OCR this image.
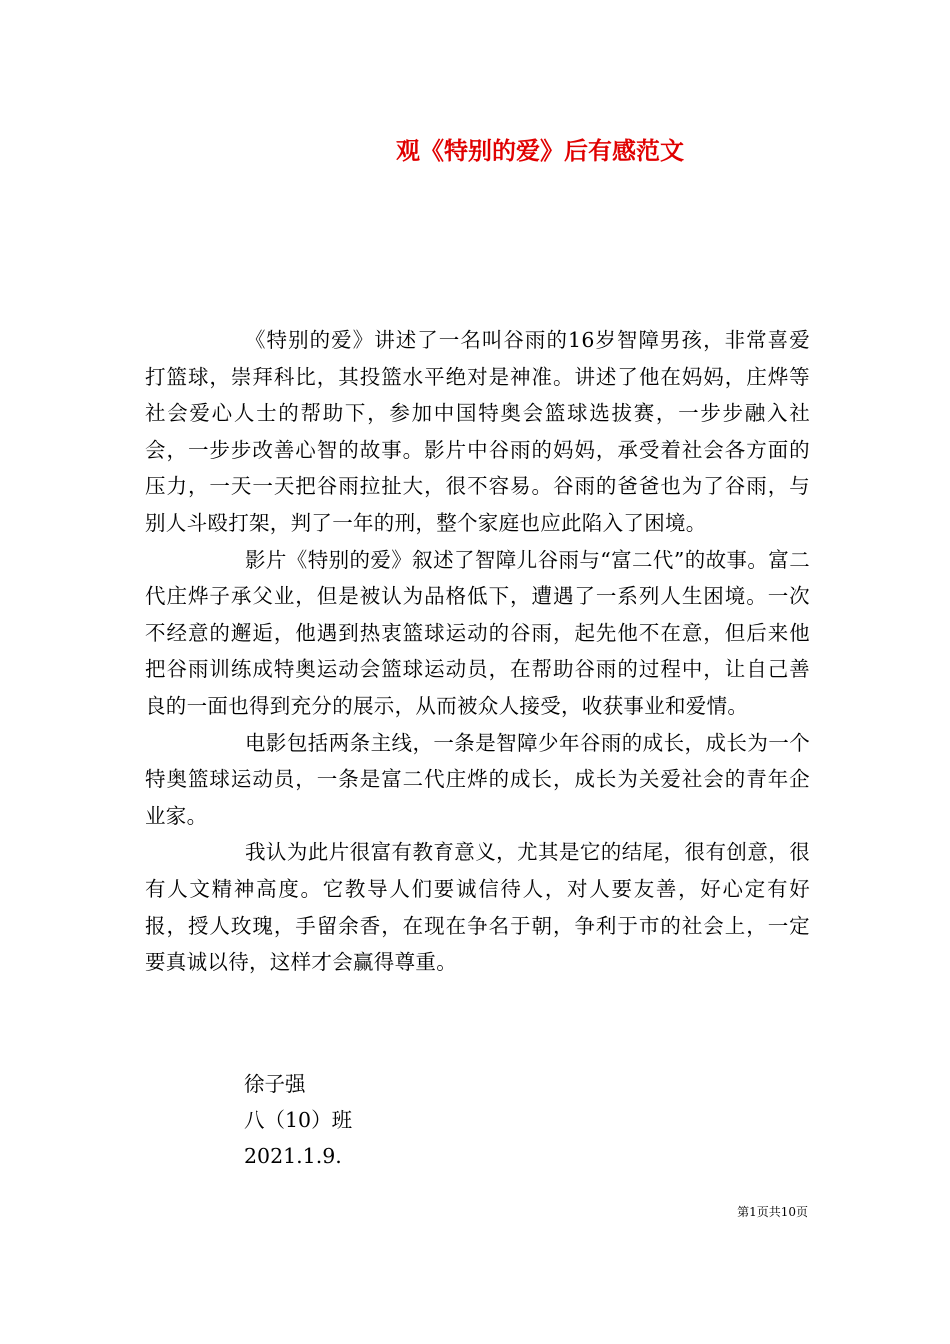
观《特别的爱》后有感范文

《特别的爱》讲述了一名叫谷雨的16岁智障男孩，非常喜爱打篮球，崇拜科比，其投篮水平绝对是神准。讲述了他在妈妈，庄烨等社会爱心人士的帮助下，参加中国特奥会篮球选拔赛，一步步融入社会，一步步改善心智的故事。影片中谷雨的妈妈，承受着社会各方面的压力，一天一天把谷雨拉扯大，很不容易。谷雨的爸爸也为了谷雨，与别人斗殴打架，判了一年的刑，整个家庭也应此陷入了困境。

影片《特别的爱》叙述了智障儿谷雨与“富二代”的故事。富二代庄烨子承父业，但是被认为品格低下，遭遇了一系列人生困境。一次不经意的邂逅，他遇到热衷篮球运动的谷雨，起先他不在意，但后来他把谷雨训练成特奥运动会篮球运动员，在帮助谷雨的过程中，让自己善良的一面也得到充分的展示，从而被众人接受，收获事业和爱情。

电影包括两条主线，一条是智障少年谷雨的成长，成长为一个特奥篮球运动员，一条是富二代庄烨的成长，成长为关爱社会的青年企业家。

我认为此片很富有教育意义，尤其是它的结尾，很有创意，很有人文精神高度。它教导人们要诚信待人，对人要友善，好心定有好报，授人玫瑰，手留余香，在现在争名于朝，争利于市的社会上，一定要真诚以待，这样才会赢得尊重。

徐子强
八（10）班
2021.1.9.
第1页共10页
